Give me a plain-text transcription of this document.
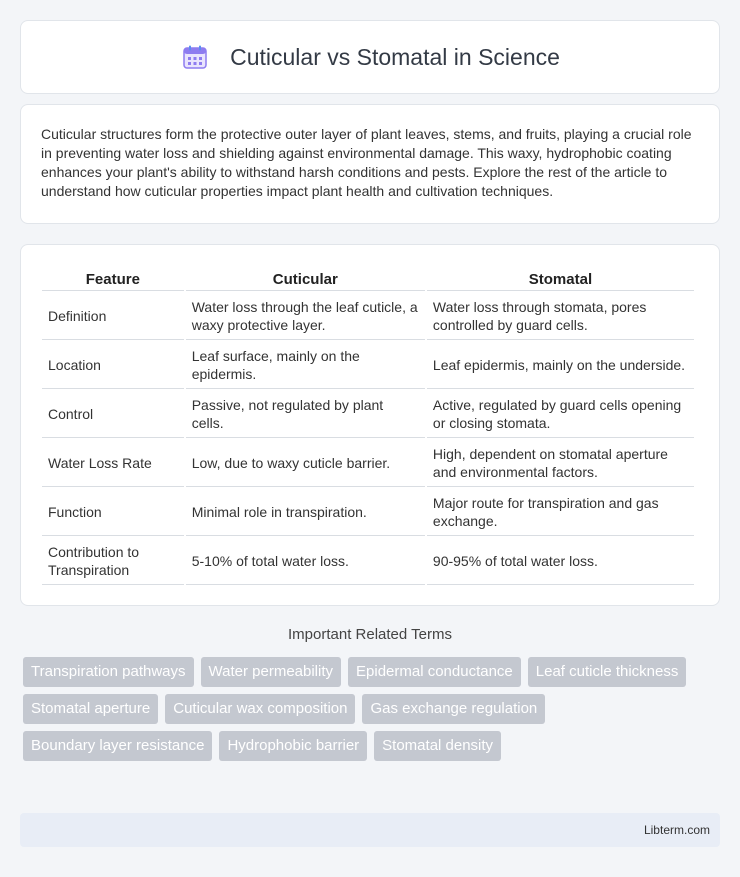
Cuticular vs Stomatal in Science

Cuticular structures form the protective outer layer of plant leaves, stems, and fruits, playing a crucial role in preventing water loss and shielding against environmental damage. This waxy, hydrophobic coating enhances your plant's ability to withstand harsh conditions and pests. Explore the rest of the article to understand how cuticular properties impact plant health and cultivation techniques.

Feature	Cuticular	Stomatal
Definition	Water loss through the leaf cuticle, a waxy protective layer.	Water loss through stomata, pores controlled by guard cells.
Location	Leaf surface, mainly on the epidermis.	Leaf epidermis, mainly on the underside.
Control	Passive, not regulated by plant cells.	Active, regulated by guard cells opening or closing stomata.
Water Loss Rate	Low, due to waxy cuticle barrier.	High, dependent on stomatal aperture and environmental factors.
Function	Minimal role in transpiration.	Major route for transpiration and gas exchange.
Contribution to Transpiration	5-10% of total water loss.	90-95% of total water loss.
Important Related Terms
Transpiration pathways	Water permeability	Epidermal conductance	Leaf cuticle thickness
Stomatal aperture	Cuticular wax composition	Gas exchange regulation
Boundary layer resistance	Hydrophobic barrier	Stomatal density
Libterm.com
